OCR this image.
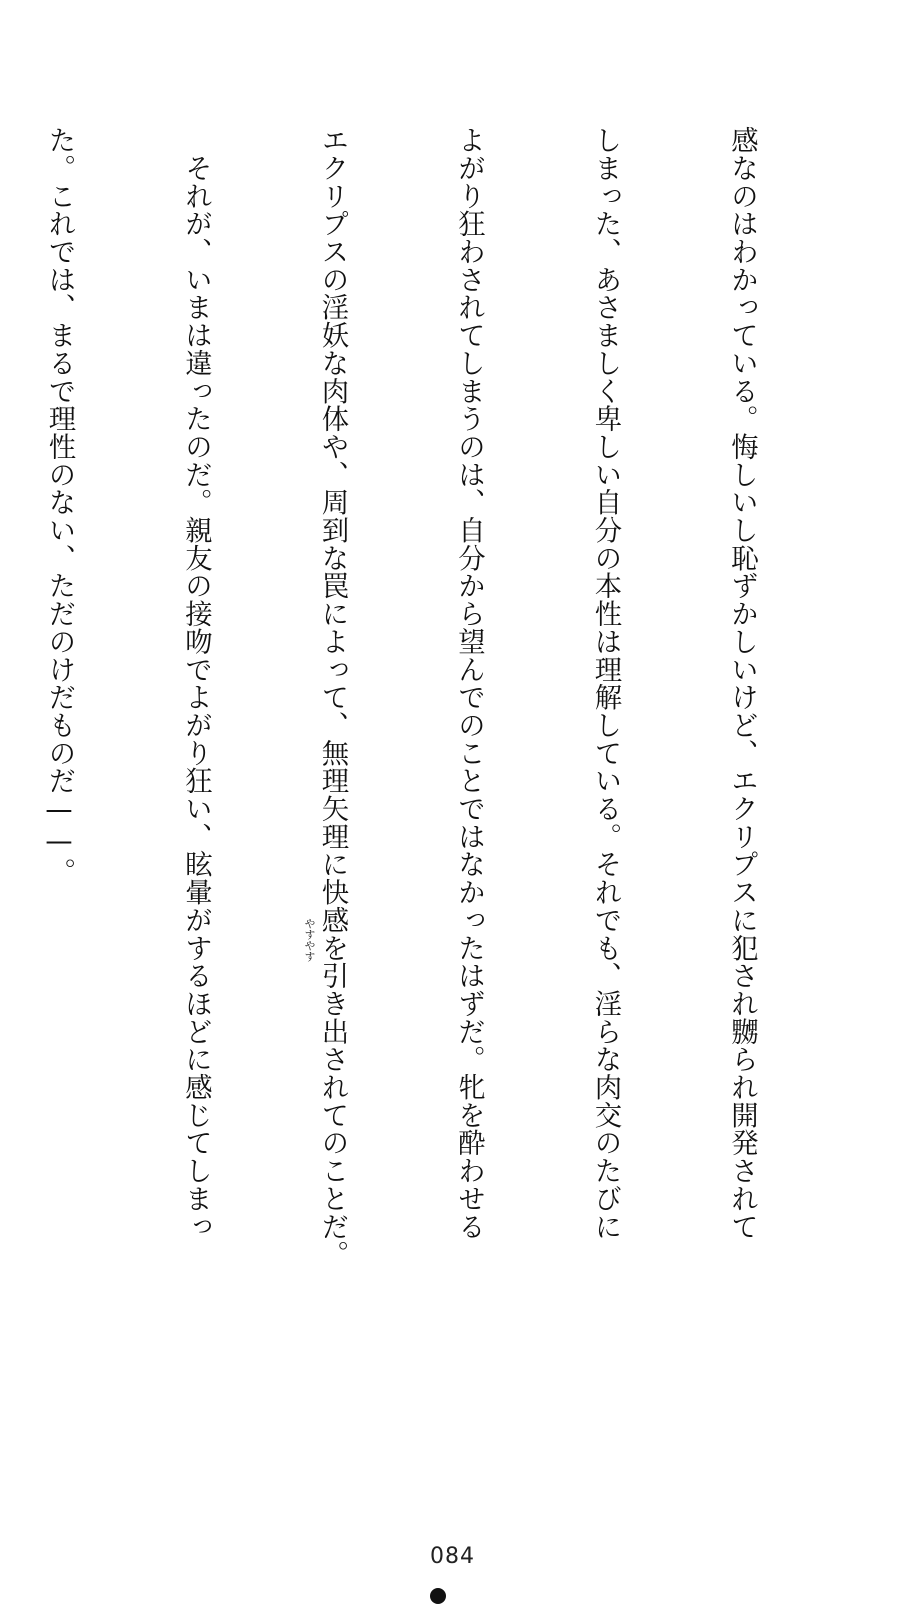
感なのはわかっている。悔しいし恥ずかしいけど、エクリプスに犯され嬲られ開発されて

しまった、あさましく卑しい自分の本性は理解している。それでも、淫らな肉交のたびに

よがり狂わされてしまうのは、自分から望んでのことではなかったはずだ。牝を酔わせる

エクリプスの淫妖な肉体や、周到な罠によって、無理矢理に快感を引き出されてのことだ。

　それが、いまは違ったのだ。親友の接吻でよがり狂い、眩暈がするほどに感じてしまっ

た。これでは、まるで理性のない、ただのけだものだ——。

やすやす
084
